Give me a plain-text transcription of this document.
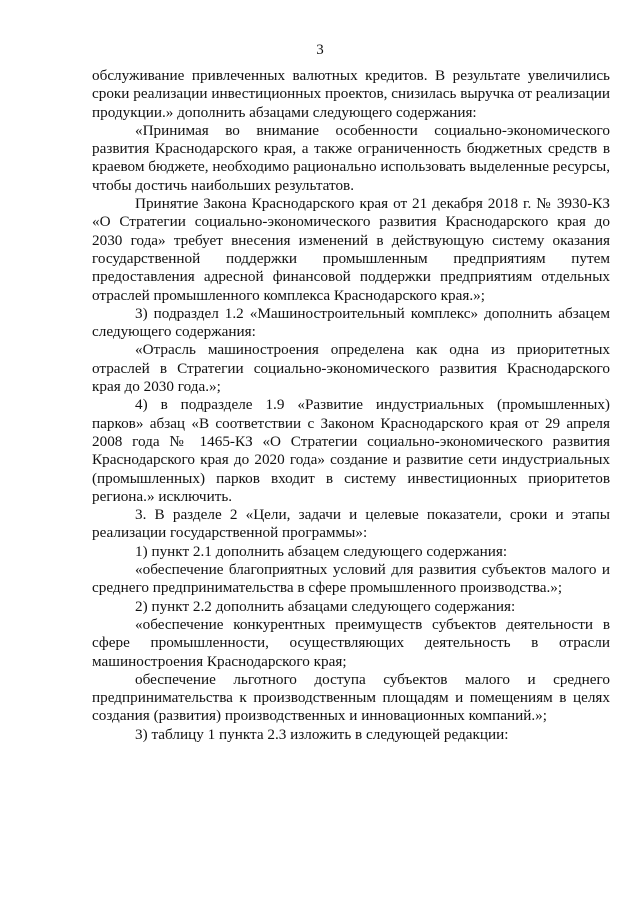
3

обслуживание привлеченных валютных кредитов. В результате увеличились сроки реализации инвестиционных проектов, снизилась выручка от реализации продукции.» дополнить абзацами следующего содержания:

«Принимая во внимание особенности социально-экономического развития Краснодарского края, а также ограниченность бюджетных средств в краевом бюджете, необходимо рационально использовать выделенные ресурсы, чтобы достичь наибольших результатов.

Принятие Закона Краснодарского края от 21 декабря 2018 г. № 3930-КЗ «О Стратегии социально-экономического развития Краснодарского края до 2030 года» требует внесения изменений в действующую систему оказания государственной поддержки промышленным предприятиям путем предоставления адресной финансовой поддержки предприятиям отдельных отраслей промышленного комплекса Краснодарского края.»;

3) подраздел 1.2 «Машиностроительный комплекс» дополнить абзацем следующего содержания:

«Отрасль машиностроения определена как одна из приоритетных отраслей в Стратегии социально-экономического развития Краснодарского края до 2030 года.»;

4) в подразделе 1.9 «Развитие индустриальных (промышленных) парков» абзац «В соответствии с Законом Краснодарского края от 29 апреля 2008 года № 1465-КЗ «О Стратегии социально-экономического развития Краснодарского края до 2020 года» создание и развитие сети индустриальных (промышленных) парков входит в систему инвестиционных приоритетов региона.» исключить.

3. В разделе 2 «Цели, задачи и целевые показатели, сроки и этапы реализации государственной программы»:

1) пункт 2.1 дополнить абзацем следующего содержания:

«обеспечение благоприятных условий для развития субъектов малого и среднего предпринимательства в сфере промышленного производства.»;

2) пункт 2.2 дополнить абзацами следующего содержания:

«обеспечение конкурентных преимуществ субъектов деятельности в сфере промышленности, осуществляющих деятельность в отрасли машиностроения Краснодарского края;

обеспечение льготного доступа субъектов малого и среднего предпринимательства к производственным площадям и помещениям в целях создания (развития) производственных и инновационных компаний.»;

3) таблицу 1 пункта 2.3 изложить в следующей редакции:
